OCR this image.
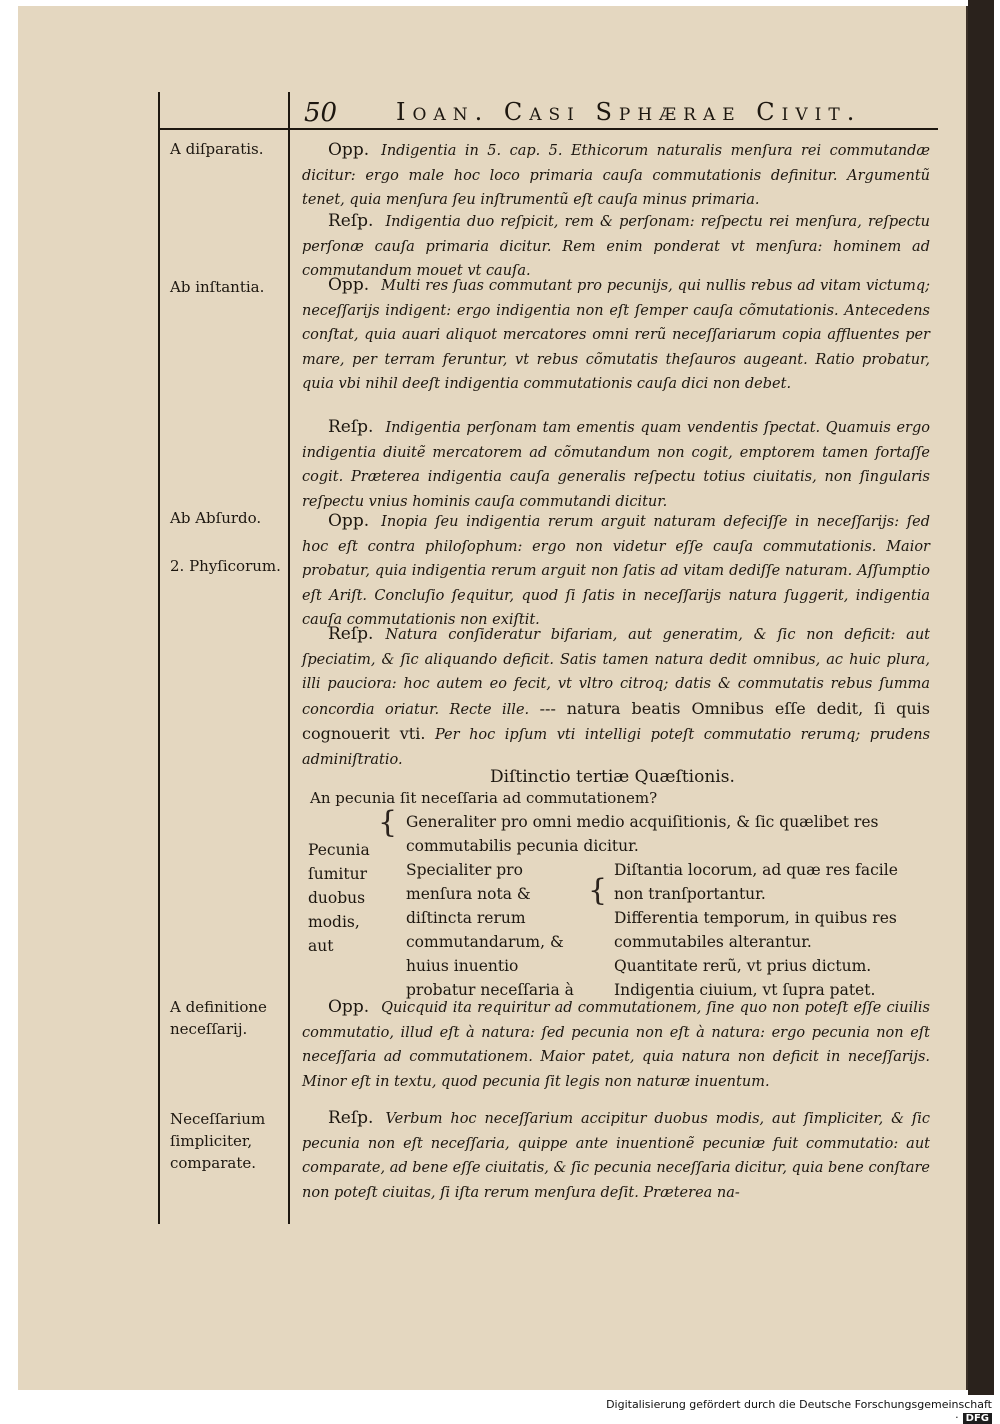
50 Ioan. Casi Sphærae Civit.
A diſparatis.
Ab inſtantia.
Ab Abſurdo.
2. Phyſicorum.
A definitione neceſſarij.
Neceſſarium ſimpliciter, comparate.
Opp. Indigentia in 5. cap. 5. Ethicorum naturalis menſura rei commutandæ dicitur: ergo male hoc loco primaria cauſa commutationis definitur. Argumentũ tenet, quia menſura ſeu inſtrumentũ eſt cauſa minus primaria.
Reſp. Indigentia duo reſpicit, rem & perſonam: reſpectu rei menſura, reſpectu perſonæ cauſa primaria dicitur. Rem enim ponderat vt menſura: hominem ad commutandum mouet vt cauſa.
Opp. Multi res ſuas commutant pro pecunijs, qui nullis rebus ad vitam victumq; neceſſarijs indigent: ergo indigentia non eſt ſemper cauſa cõmutationis. Antecedens conſtat, quia auari aliquot mercatores omni rerũ neceſſariarum copia affluentes per mare, per terram feruntur, vt rebus cõmutatis theſauros augeant. Ratio probatur, quia vbi nihil deeſt indigentia commutationis cauſa dici non debet.
Reſp. Indigentia perſonam tam ementis quam vendentis ſpectat. Quamuis ergo indigentia diuitẽ mercatorem ad cõmutandum non cogit, emptorem tamen fortaſſe cogit. Præterea indigentia cauſa generalis reſpectu totius ciuitatis, non ſingularis reſpectu vnius hominis cauſa commutandi dicitur.
Opp. Inopia ſeu indigentia rerum arguit naturam defeciſſe in neceſſarijs: ſed hoc eſt contra philoſophum: ergo non videtur eſſe cauſa commutationis. Maior probatur, quia indigentia rerum arguit non ſatis ad vitam dediſſe naturam. Aſſumptio eſt Ariſt. Concluſio ſequitur, quod ſi ſatis in neceſſarijs natura ſuggerit, indigentia cauſa commutationis non exiſtit.
Reſp. Natura conſideratur bifariam, aut generatim, & ſic non deficit: aut ſpeciatim, & ſic aliquando deficit. Satis tamen natura dedit omnibus, ac huic plura, illi pauciora: hoc autem eo fecit, vt vltro citroq; datis & commutatis rebus ſumma concordia oriatur. Recte ille. --- natura beatis Omnibus eſſe dedit, ſi quis cognouerit vti. Per hoc ipſum vti intelligi poteſt commutatio rerumq; prudens adminiſtratio.
Diſtinctio tertiæ Quæſtionis.
An pecunia ſit neceſſaria ad commutationem?
Pecunia ſumitur duobus modis, aut
{ Generaliter pro omni medio acquiſitionis, & ſic quælibet res commutabilis pecunia dicitur.
Specialiter pro menſura nota & diſtincta rerum commutandarum, & huius inuentio probatur neceſſaria à
{
Diſtantia locorum, ad quæ res facile non tranſportantur.
Differentia temporum, in quibus res commutabiles alterantur.
Quantitate rerũ, vt prius dictum.
Indigentia ciuium, vt ſupra patet.
Opp. Quicquid ita requiritur ad commutationem, ſine quo non poteſt eſſe ciuilis commutatio, illud eſt à natura: ſed pecunia non eſt à natura: ergo pecunia non eſt neceſſaria ad commutationem. Maior patet, quia natura non deficit in neceſſarijs. Minor eſt in textu, quod pecunia ſit legis non naturæ inuentum.
Reſp. Verbum hoc neceſſarium accipitur duobus modis, aut ſimpliciter, & ſic pecunia non eſt neceſſaria, quippe ante inuentionẽ pecuniæ fuit commutatio: aut comparate, ad bene eſſe ciuitatis, & ſic pecunia neceſſaria dicitur, quia bene conſtare non poteſt ciuitas, ſi iſta rerum menſura deſit. Præterea na-
Digitalisierung gefördert durch die Deutsche Forschungsgemeinschaft · DFG
